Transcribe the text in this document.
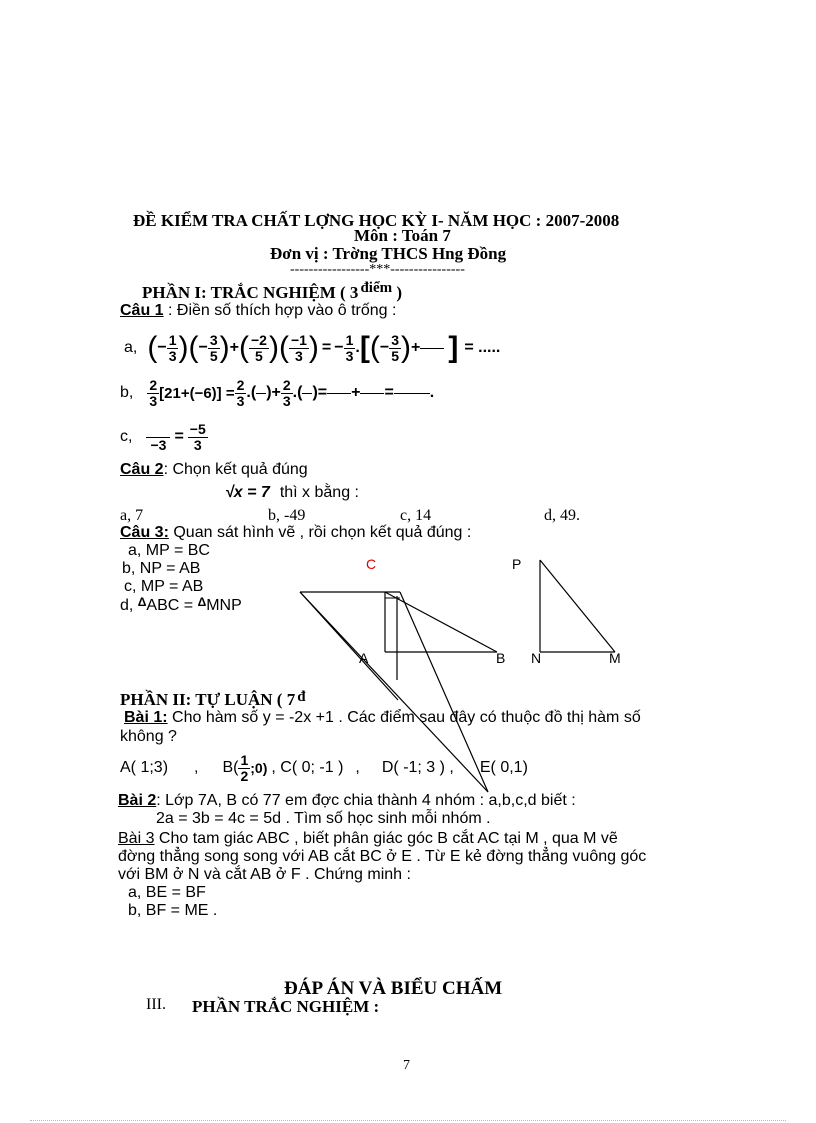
ĐỀ KIỂM TRA CHẤT LỢNG HỌC KỲ I- NĂM HỌC : 2007-2008
Môn : Toán 7
Đơn vị : Trờng THCS Hng Đồng
-----------------***----------------
PHẦN I: TRẮC NGHIỆM ( 3 điểm )
Câu 1 : Điền số thích hợp vào ô trống :
a, ( − $\frac{1}{3}$ ) ( − $\frac{3}{5}$ ) + ( $\frac{-2}{5}$ ) ( $\frac{-1}{3}$ ) = − $\frac{1}{3}$ . [ ( − $\frac{3}{5}$ ) + ] = .....
b, $\frac{2}{3} [21+(-6)] = \frac{2}{3}$ .( )+ $\frac{2}{3}$ .( )= + = .
c,
$-3 = \frac{-5}{3}$
Câu 2: Chọn kết quả đúng
√x = 7 thì x bằng :
a, 7	b, -49	c, 14	d, 49.
Câu 3: Quan sát hình vẽ , rồi chọn kết quả đúng :
a, MP = BC
b, NP = AB
c, MP = AB
d, $^\Delta$ABC = $^\Delta$MNP
C	P
A	B N	M
PHẦN II: TỰ LUẬN ( 7 đ
Bài 1: Cho hàm số y = -2x +1 . Các điểm sau đây có thuộc đồ thị hàm số
không ?
A( 1;3) , $B( \frac{1}{2}$ ;0) , C( 0; -1 ) , D( -1; 3 ) , E( 0,1)
Bài 2: Lớp 7A, B có 77 em đợc chia thành 4 nhóm : a,b,c,d biết :
2a = 3b = 4c = 5d . Tìm số học sinh mỗi nhóm .
Bài 3 Cho tam giác ABC , biết phân giác góc B cắt AC tại M , qua M vẽ
đờng thẳng song song với AB cắt BC ở E . Từ E kẻ đờng thẳng vuông góc
với BM ở N và cắt AB ở F . Chứng minh :
a, BE = BF
b, BF = ME .
ĐÁP ÁN VÀ BIỂU CHẤM
III. PHẦN TRẮC NGHIỆM :
7
